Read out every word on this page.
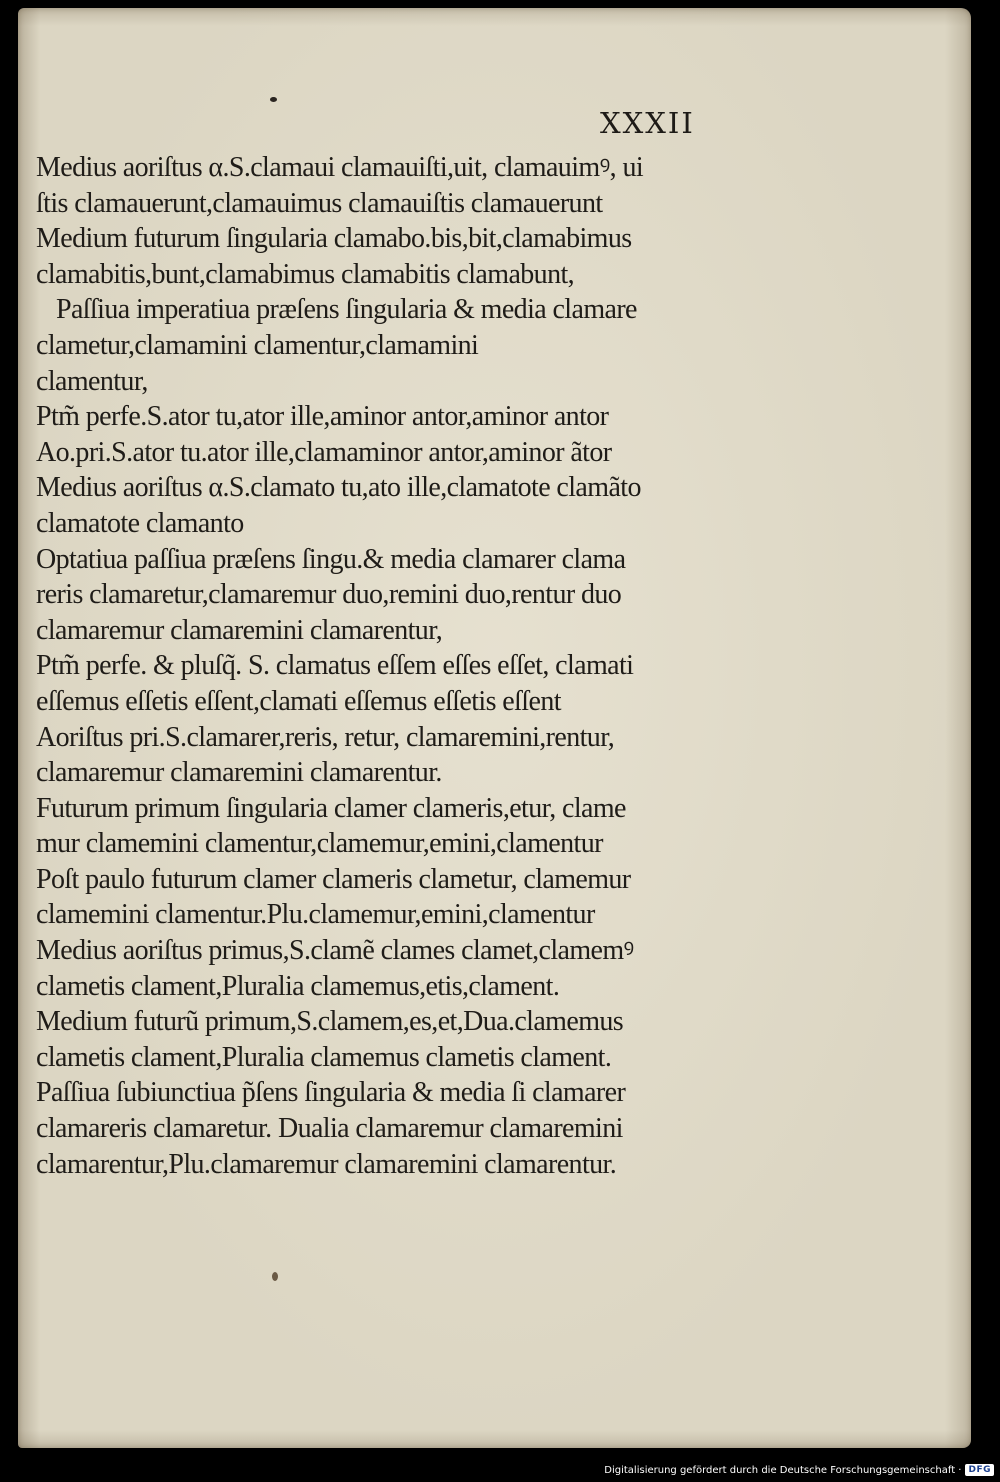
XXXII
Medius aoriſtus α.S.clamaui clamauiſti,uit, clamauimꝰ, ui
ſtis clamauerunt,clamauimus clamauiſtis clamauerunt
Medium futurum ſingularia clamabo.bis,bit,clamabimus
clamabitis,bunt,clamabimus clamabitis clamabunt,
Paſſiua imperatiua præſens ſingularia & media clamare
clametur,clamamini clamentur,clamamini
clamentur,
Ptm̃ perfe.S.ator tu,ator ille,aminor antor,aminor antor
Ao.pri.S.ator tu.ator ille,clamaminor antor,aminor ãtor
Medius aoriſtus α.S.clamato tu,ato ille,clamatote clamãto
clamatote clamanto
Optatiua paſſiua præſens ſingu.& media clamarer clama
reris clamaretur,clamaremur duo,remini duo,rentur duo
clamaremur clamaremini clamarentur,
Ptm̃ perfe. & pluſq̃. S. clamatus eſſem eſſes eſſet, clamati
eſſemus eſſetis eſſent,clamati eſſemus eſſetis eſſent
Aoriſtus pri.S.clamarer,reris, retur, clamaremini,rentur,
clamaremur clamaremini clamarentur.
Futurum primum ſingularia clamer clameris,etur, clame
mur clamemini clamentur,clamemur,emini,clamentur
Poſt paulo futurum clamer clameris clametur, clamemur
clamemini clamentur.Plu.clamemur,emini,clamentur
Medius aoriſtus primus,S.clamẽ clames clamet,clamemꝰ
clametis clament,Pluralia clamemus,etis,clament.
Medium futurũ primum,S.clamem,es,et,Dua.clamemus
clametis clament,Pluralia clamemus clametis clament.
Paſſiua ſubiunctiua p̃ſens ſingularia & media ſi clamarer
clamareris clamaretur. Dualia clamaremur clamaremini
clamarentur,Plu.clamaremur clamaremini clamarentur.
Digitalisierung gefördert durch die Deutsche Forschungsgemeinschaft · DFG
